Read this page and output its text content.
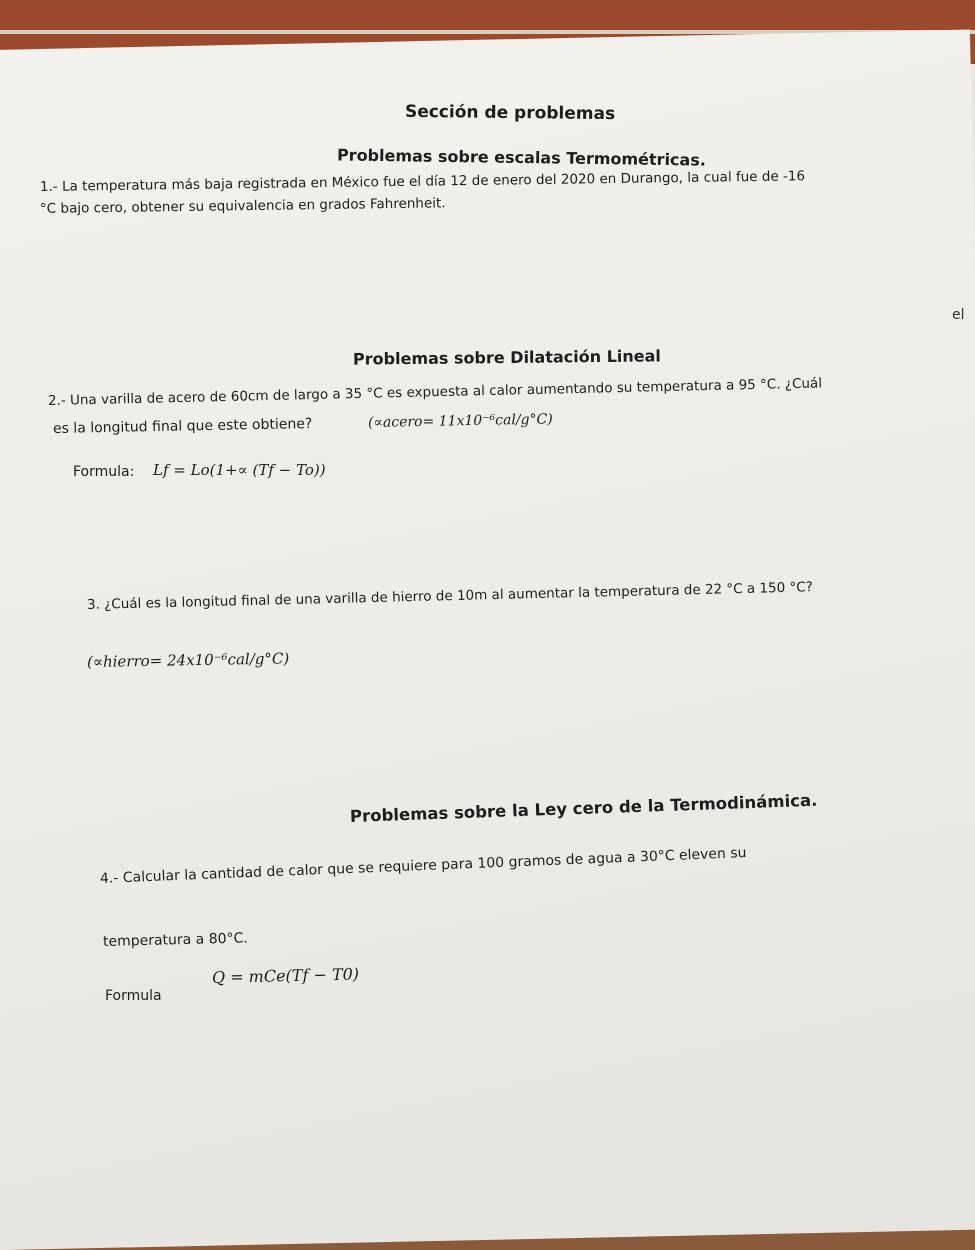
Sección de problemas
Problemas sobre escalas Termométricas.
1.- La temperatura más baja registrada en México fue el día 12 de enero del 2020 en Durango, la cual fue de -16
°C bajo cero, obtener su equivalencia en grados Fahrenheit.
el
Problemas sobre Dilatación Lineal
2.- Una varilla de acero de 60cm de largo a 35 °C es expuesta al calor aumentando su temperatura a 95 °C. ¿Cuál
es la longitud final que este obtiene?	(∝acero= 11x10⁻⁶cal/g°C)
Formula: Lf = Lo(1+∝ (Tf − To))
3. ¿Cuál es la longitud final de una varilla de hierro de 10m al aumentar la temperatura de 22 °C a 150 °C?
(∝hierro= 24x10⁻⁶cal/g°C)
Problemas sobre la Ley cero de la Termodinámica.
4.- Calcular la cantidad de calor que se requiere para 100 gramos de agua a 30°C eleven su
temperatura a 80°C.
Formula
Q = mCe(Tf − T0)
